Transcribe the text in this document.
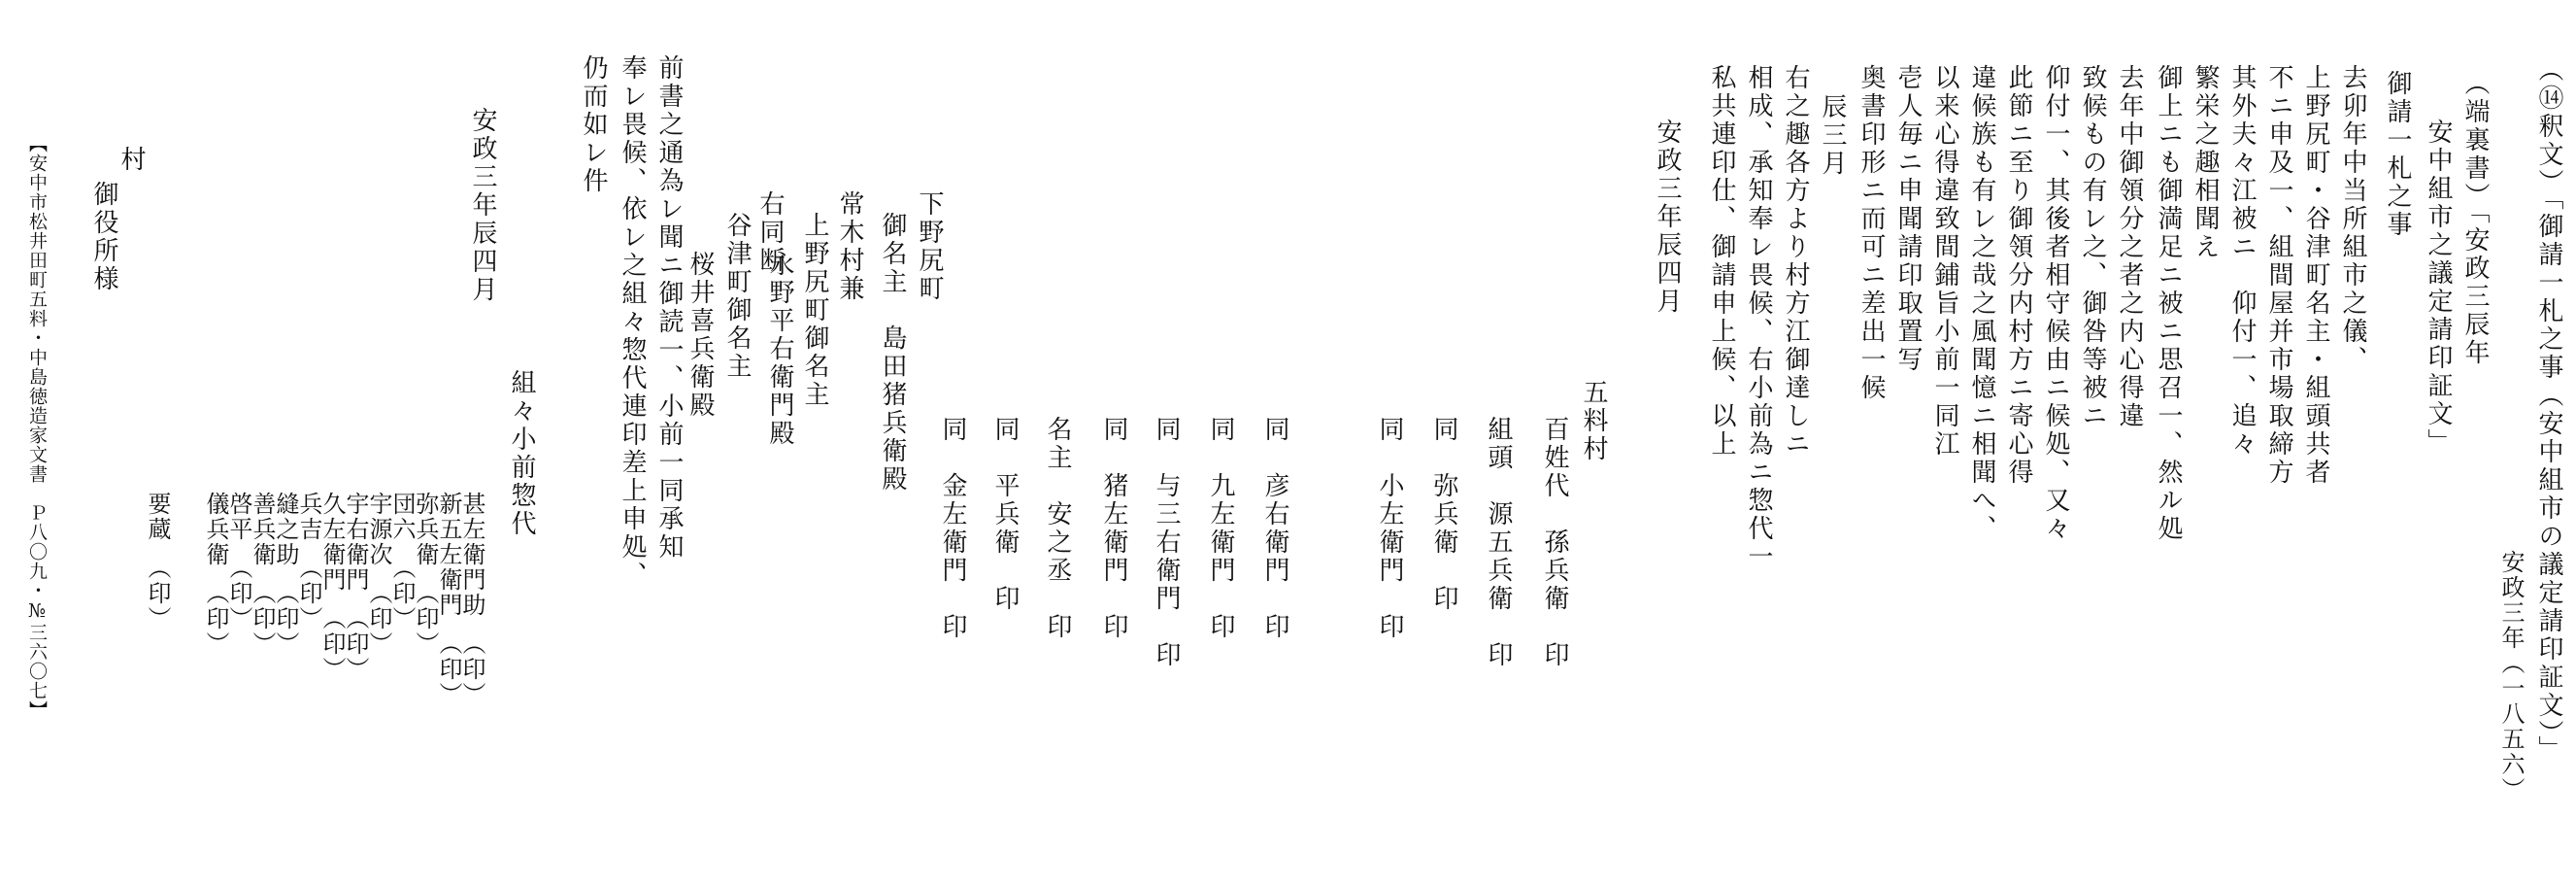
（⑭釈文）「御請一札之事（安中組市の議定請印証文）」
安政三年（一八五六）
（端裏書）「安政三辰年
安中組市之議定請印証文」
御請一札之事
去卯年中当所組市之儀、
上野尻町・谷津町名主・組頭共者
不ニ申及一、組間屋并市場取締方
其外夫々江被ニ　仰付一、追々
繁栄之趣相聞え
御上ニも御満足ニ被ニ思召一、然ル処
去年中御領分之者之内心得違
致候もの有レ之、御咎等被ニ
仰付一、其後者相守候由ニ候処、又々
此節ニ至り御領分内村方ニ寄心得
違候族も有レ之哉之風聞憶ニ相聞へ、
以来心得違致間鋪旨小前一同江
壱人毎ニ申聞請印取置写
奥書印形ニ而可ニ差出一候
辰三月
右之趣各方より村方江御達しニ
相成、承知奉レ畏候、右小前為ニ惣代一
私共連印仕、御請申上候、以上
安政三年辰四月
五料村
百姓代　孫兵衛　印
組頭　源五兵衛　印
同　弥兵衛　印
同　小左衛門　印
同　彦右衛門　印
同　九左衛門　印
同　与三右衛門　印
同　猪左衛門　印
名主　安之丞　印
同　平兵衛　印
同　金左衛門　印
下野尻町
御名主　島田猪兵衛殿
常木村兼
上野尻町御名主
永野平右衛門殿
右同断
谷津町御名主
桜井喜兵衛殿
前書之通為レ聞ニ御読一、小前一同承知
奉レ畏候、依レ之組々惣代連印差上申処、
仍而如レ件
安政三年辰四月
組々小前惣代
甚左衛門助　（印）
新五左衛門　（印）
弥兵衛　（印）
団六　（印）
宇源次　（印）
宇右衛門　（印）
久左衛門　（印）
兵吉　（印）
縫之助　（印）
善兵衛　（印）
啓平　（印）
儀兵衛　（印）
要蔵　（印）
村
御役所様
【安中市松井田町五料・中島徳造家文書　Ｐ八〇九・№三六〇七】
